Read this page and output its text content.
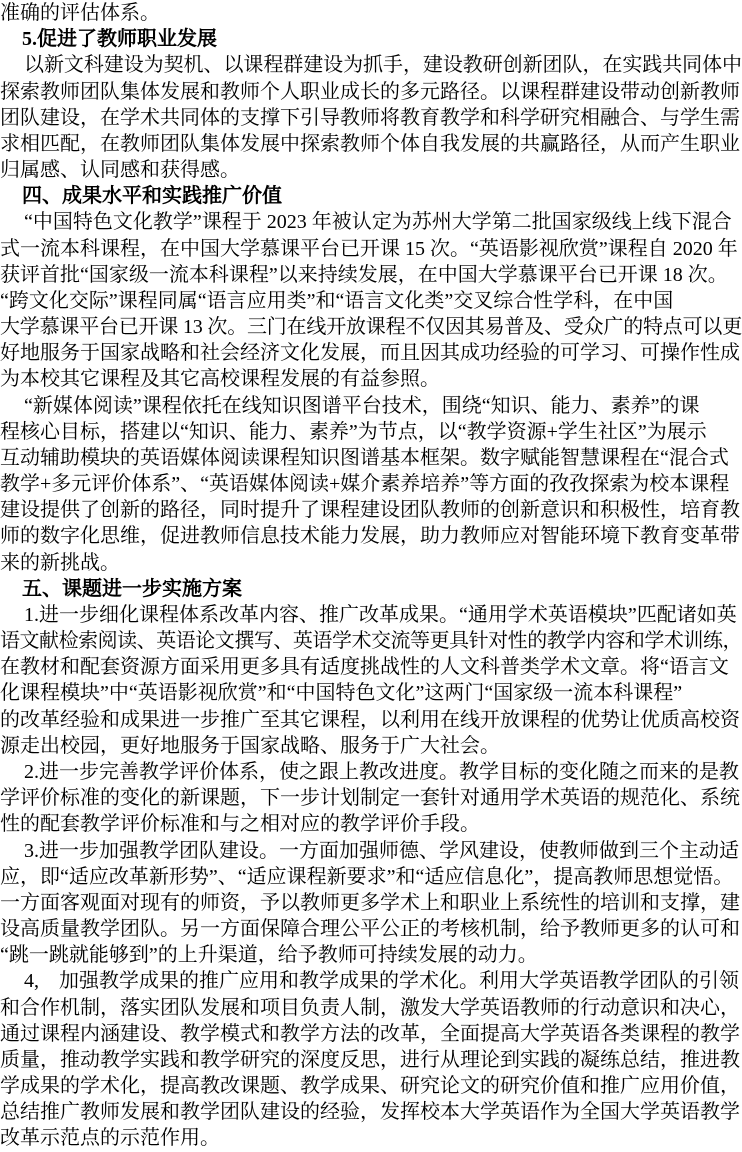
准确的评估体系。
5.促进了教师职业发展
以新文科建设为契机、以课程群建设为抓手，建设教研创新团队，在实践共同体中
探索教师团队集体发展和教师个人职业成长的多元路径。以课程群建设带动创新教师
团队建设，在学术共同体的支撑下引导教师将教育教学和科学研究相融合、与学生需
求相匹配，在教师团队集体发展中探索教师个体自我发展的共赢路径，从而产生职业
归属感、认同感和获得感。
四、成果水平和实践推广价值
“中国特色文化教学”课程于 2023 年被认定为苏州大学第二批国家级线上线下混合
式一流本科课程，在中国大学慕课平台已开课 15 次。“英语影视欣赏”课程自 2020 年
获评首批“国家级一流本科课程”以来持续发展，在中国大学慕课平台已开课 18 次。
“跨文化交际”课程同属“语言应用类”和“语言文化类”交叉综合性学科，在中国
大学慕课平台已开课 13 次。三门在线开放课程不仅因其易普及、受众广的特点可以更
好地服务于国家战略和社会经济文化发展，而且因其成功经验的可学习、可操作性成
为本校其它课程及其它高校课程发展的有益参照。
“新媒体阅读”课程依托在线知识图谱平台技术，围绕“知识、能力、素养”的课
程核心目标，搭建以“知识、能力、素养”为节点，以“教学资源+学生社区”为展示
互动辅助模块的英语媒体阅读课程知识图谱基本框架。数字赋能智慧课程在“混合式
教学+多元评价体系”、“英语媒体阅读+媒介素养培养”等方面的孜孜探索为校本课程
建设提供了创新的路径，同时提升了课程建设团队教师的创新意识和积极性，培育教
师的数字化思维，促进教师信息技术能力发展，助力教师应对智能环境下教育变革带
来的新挑战。
五、课题进一步实施方案
1.进一步细化课程体系改革内容、推广改革成果。“通用学术英语模块”匹配诸如英
语文献检索阅读、英语论文撰写、英语学术交流等更具针对性的教学内容和学术训练，
在教材和配套资源方面采用更多具有适度挑战性的人文科普类学术文章。将“语言文
化课程模块”中“英语影视欣赏”和“中国特色文化”这两门“国家级一流本科课程”
的改革经验和成果进一步推广至其它课程，以利用在线开放课程的优势让优质高校资
源走出校园，更好地服务于国家战略、服务于广大社会。
2.进一步完善教学评价体系，使之跟上教改进度。教学目标的变化随之而来的是教
学评价标准的变化的新课题，下一步计划制定一套针对通用学术英语的规范化、系统
性的配套教学评价标准和与之相对应的教学评价手段。
3.进一步加强教学团队建设。一方面加强师德、学风建设，使教师做到三个主动适
应，即“适应改革新形势”、“适应课程新要求”和“适应信息化”，提高教师思想觉悟。
一方面客观面对现有的师资，予以教师更多学术上和职业上系统性的培训和支撑，建
设高质量教学团队。另一方面保障合理公平公正的考核机制，给予教师更多的认可和
“跳一跳就能够到”的上升渠道，给予教师可持续发展的动力。
4,　加强教学成果的推广应用和教学成果的学术化。利用大学英语教学团队的引领
和合作机制，落实团队发展和项目负责人制，激发大学英语教师的行动意识和决心，
通过课程内涵建设、教学模式和教学方法的改革，全面提高大学英语各类课程的教学
质量，推动教学实践和教学研究的深度反思，进行从理论到实践的凝练总结，推进教
学成果的学术化，提高教改课题、教学成果、研究论文的研究价值和推广应用价值，
总结推广教师发展和教学团队建设的经验，发挥校本大学英语作为全国大学英语教学
改革示范点的示范作用。
